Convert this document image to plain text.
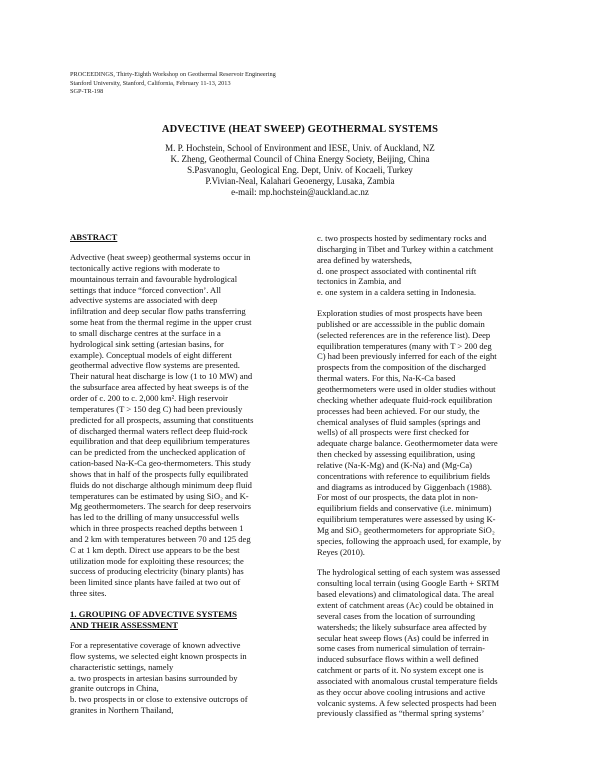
PROCEEDINGS, Thirty-Eighth Workshop on Geothermal Reservoir Engineering
Stanford University, Stanford, California, February 11-13, 2013
SGP-TR-198
ADVECTIVE (HEAT SWEEP) GEOTHERMAL SYSTEMS
M. P. Hochstein, School of Environment and IESE, Univ. of Auckland, NZ
K. Zheng, Geothermal Council of China Energy Society, Beijing, China
S.Pasvanoglu, Geological Eng. Dept, Univ. of Kocaeli, Turkey
P.Vivian-Neal, Kalahari Geoenergy, Lusaka, Zambia
e-mail: mp.hochstein@auckland.ac.nz
ABSTRACT
Advective (heat sweep) geothermal systems occur in
tectonically active regions with moderate to
mountainous terrain and favourable hydrological
settings that induce “forced convection’. All
advective systems are associated with deep
infiltration and deep secular flow paths transferring
some heat from the thermal regime in the upper crust
to small discharge centres at the surface in a
hydrological sink setting (artesian basins, for
example). Conceptual models of eight different
geothermal advective flow systems are presented.
Their natural heat discharge is low (1 to 10 MW) and
the subsurface area affected by heat sweeps is of the
order of c. 200 to c. 2,000 km². High reservoir
temperatures (T > 150 deg C) had been previously
predicted for all prospects, assuming that constituents
of discharged thermal waters reflect deep fluid-rock
equilibration and that deep equilibrium temperatures
can be predicted from the unchecked application of
cation-based Na-K-Ca geo-thermometers. This study
shows that in half of the prospects fully equilibrated
fluids do not discharge although minimum deep fluid
temperatures can be estimated by using SiO₂ and K-
Mg geothermometers. The search for deep reservoirs
has led to the drilling of many unsuccessful wells
which in three prospects reached depths between 1
and 2 km with temperatures between 70 and 125 deg
C at 1 km depth. Direct use appears to be the best
utilization mode for exploiting these resources; the
success of producing electricity (binary plants) has
been limited since plants have failed at two out of
three sites.
1. GROUPING OF ADVECTIVE SYSTEMS
AND THEIR ASSESSMENT
For a representative coverage of known advective
flow systems, we selected eight known prospects in
characteristic settings, namely
a. two prospects in artesian basins surrounded by
granite outcrops in China,
b. two prospects in or close to extensive outcrops of
granites in Northern Thailand,
c. two prospects hosted by sedimentary rocks and
discharging in Tibet and Turkey within a catchment
area defined by watersheds,
d. one prospect associated with continental rift
tectonics in Zambia, and
e. one system in a caldera setting in Indonesia.
Exploration studies of most prospects have been
published or are accesssible in the public domain
(selected references are in the reference list). Deep
equilibration temperatures (many with T > 200 deg
C) had been previously inferred for each of the eight
prospects from the composition of the discharged
thermal waters. For this, Na-K-Ca based
geothermometers were used in older studies without
checking whether adequate fluid-rock equilibration
processes had been achieved. For our study, the
chemical analyses of fluid samples (springs and
wells) of all prospects were first checked for
adequate charge balance. Geothermometer data were
then checked by assessing equilibration, using
relative (Na-K-Mg) and (K-Na) and (Mg-Ca)
concentrations with reference to equilibrium fields
and diagrams as introduced by Giggenbach (1988).
For most of our prospects, the data plot in non-
equilibrium fields and conservative (i.e. minimum)
equilibrium temperatures were assessed by using K-
Mg and SiO₂ geothermometers for appropriate SiO₂
species, following the approach used, for example, by
Reyes (2010).
The hydrological setting of each system was assessed
consulting local terrain (using Google Earth + SRTM
based elevations) and climatological data. The areal
extent of catchment areas (Ac) could be obtained in
several cases from the location of surrounding
watersheds; the likely subsurface area affected by
secular heat sweep flows (As) could be inferred in
some cases from numerical simulation of terrain-
induced subsurface flows within a well defined
catchment or parts of it. No system except one is
associated with anomalous crustal temperature fields
as they occur above cooling intrusions and active
volcanic systems. A few selected prospects had been
previously classified as “thermal spring systems’
